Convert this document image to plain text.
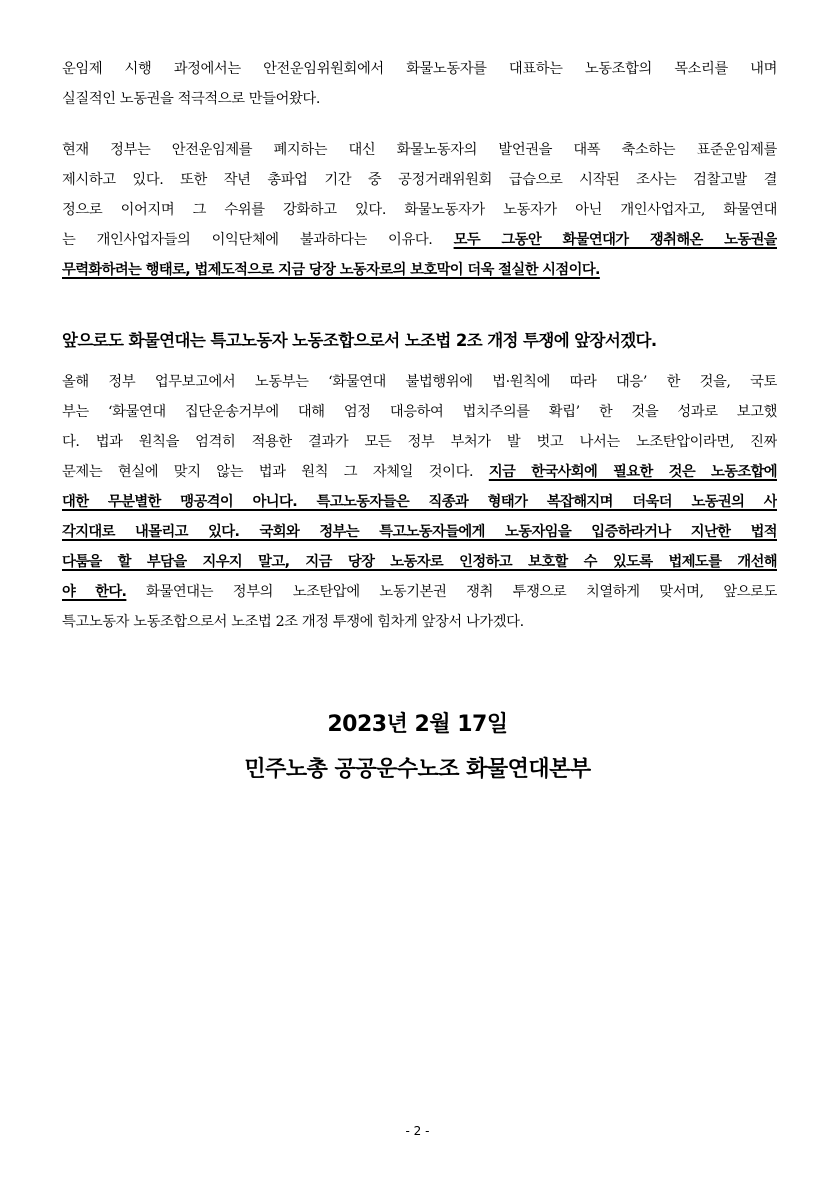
운임제 시행 과정에서는 안전운임위원회에서 화물노동자를 대표하는 노동조합의 목소리를 내며
실질적인 노동권을 적극적으로 만들어왔다.
현재 정부는 안전운임제를 폐지하는 대신 화물노동자의 발언권을 대폭 축소하는 표준운임제를
제시하고 있다. 또한 작년 총파업 기간 중 공정거래위원회 급습으로 시작된 조사는 검찰고발 결
정으로 이어지며 그 수위를 강화하고 있다. 화물노동자가 노동자가 아닌 개인사업자고, 화물연대
는 개인사업자들의 이익단체에 불과하다는 이유다. 모두 그동안 화물연대가 쟁취해온 노동권을
무력화하려는 행태로, 법제도적으로 지금 당장 노동자로의 보호막이 더욱 절실한 시점이다.
앞으로도 화물연대는 특고노동자 노동조합으로서 노조법 2조 개정 투쟁에 앞장서겠다.
올해 정부 업무보고에서 노동부는 ‘화물연대 불법행위에 법·원칙에 따라 대응’ 한 것을, 국토
부는 ‘화물연대 집단운송거부에 대해 엄정 대응하여 법치주의를 확립’ 한 것을 성과로 보고했
다. 법과 원칙을 엄격히 적용한 결과가 모든 정부 부처가 발 벗고 나서는 노조탄압이라면, 진짜
문제는 현실에 맞지 않는 법과 원칙 그 자체일 것이다. 지금 한국사회에 필요한 것은 노동조합에
대한 무분별한 맹공격이 아니다. 특고노동자들은 직종과 형태가 복잡해지며 더욱더 노동권의 사
각지대로 내몰리고 있다. 국회와 정부는 특고노동자들에게 노동자임을 입증하라거나 지난한 법적
다툼을 할 부담을 지우지 말고, 지금 당장 노동자로 인정하고 보호할 수 있도록 법제도를 개선해
야 한다. 화물연대는 정부의 노조탄압에 노동기본권 쟁취 투쟁으로 치열하게 맞서며, 앞으로도
특고노동자 노동조합으로서 노조법 2조 개정 투쟁에 힘차게 앞장서 나가겠다.
2023년 2월 17일
민주노총 공공운수노조 화물연대본부
- 2 -
